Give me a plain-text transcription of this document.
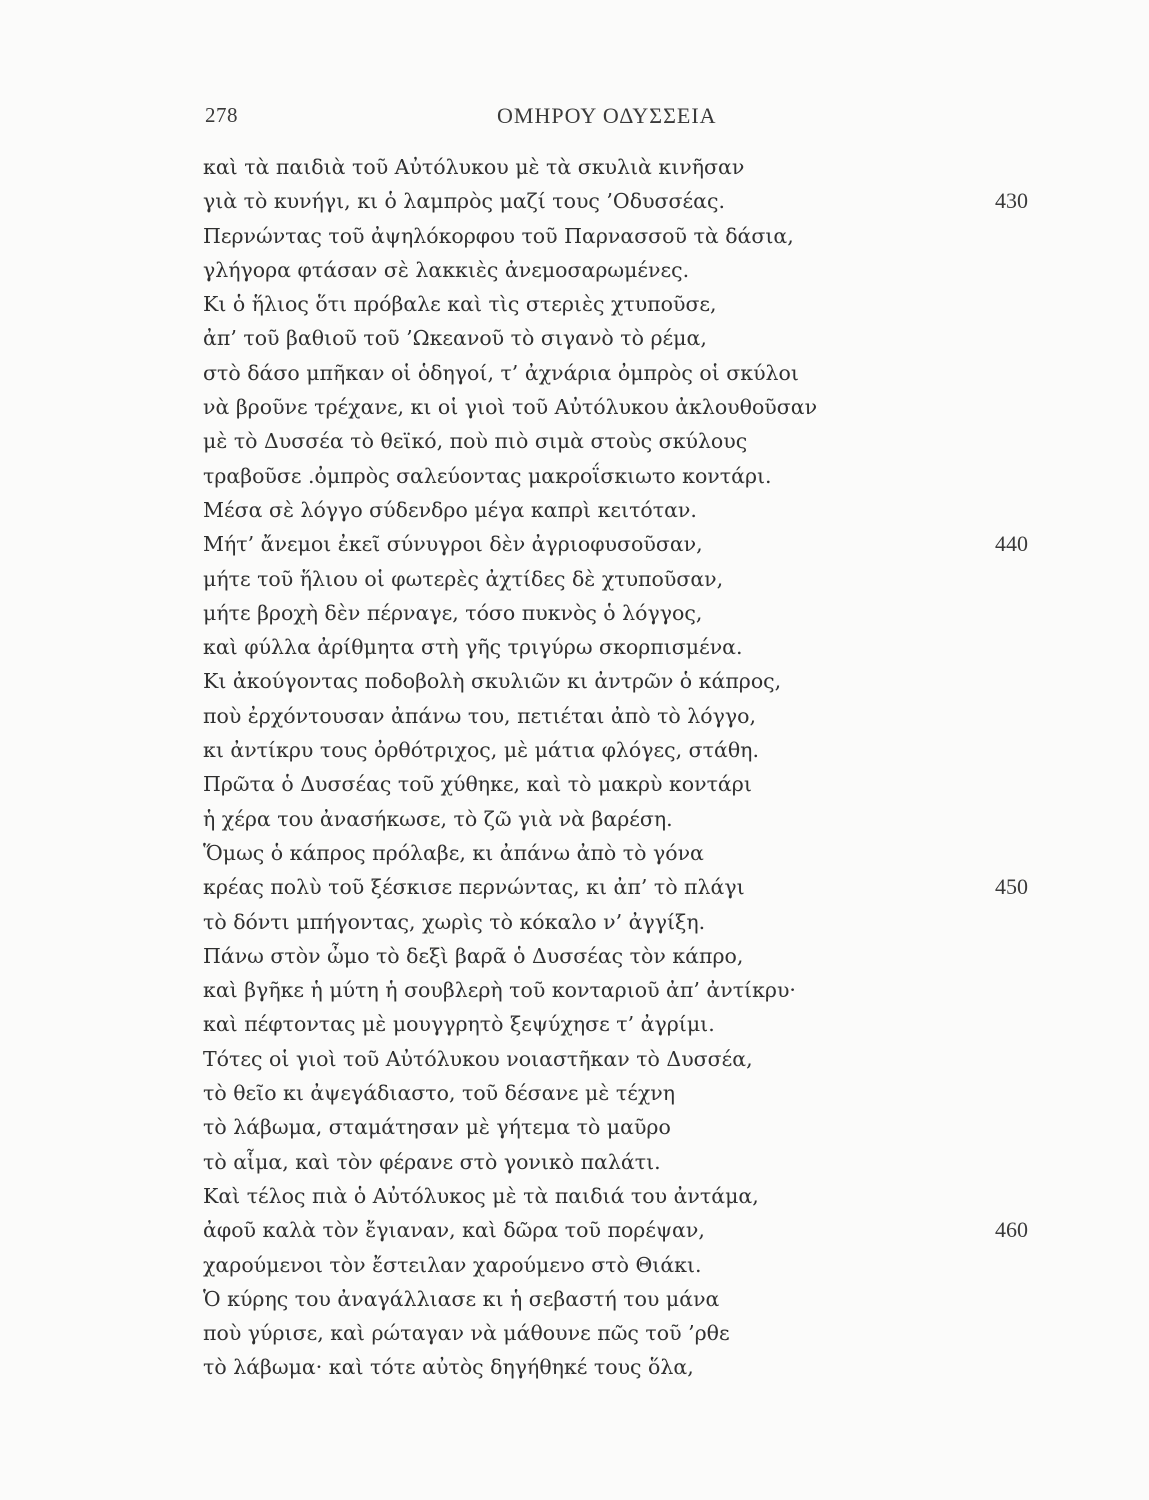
278	ΟΜΗΡΟΥ ΟΔΥΣΣΕΙΑ
καὶ τὰ παιδιὰ τοῦ Αὐτόλυκου μὲ τὰ σκυλιὰ κινῆσαν
γιὰ τὸ κυνήγι, κι ὁ λαμπρὸς μαζί τους ’Οδυσσέας.	430
Περνώντας τοῦ ἀψηλόκορφου τοῦ Παρνασσοῦ τὰ δάσια,
γλήγορα φτάσαν σὲ λακκιὲς ἀνεμοσαρωμένες.
Κι ὁ ἥλιος ὅτι πρόβαλε καὶ τὶς στεριὲς χτυποῦσε,
ἀπ’ τοῦ βαθιοῦ τοῦ ’Ωκεανοῦ τὸ σιγανὸ τὸ ρέμα,
στὸ δάσο μπῆκαν οἱ ὁδηγοί, τ’ ἀχνάρια ὀμπρὸς οἱ σκύλοι
νὰ βροῦνε τρέχανε, κι οἱ γιοὶ τοῦ Αὐτόλυκου ἀκλουθοῦσαν
μὲ τὸ Δυσσέα τὸ θεϊκό, ποὺ πιὸ σιμὰ στοὺς σκύλους
τραβοῦσε .ὀμπρὸς σαλεύοντας μακροΐσκιωτο κοντάρι.
Μέσα σὲ λόγγο σύδενδρο μέγα καπρὶ κειτόταν.
Μήτ’ ἄνεμοι ἐκεῖ σύνυγροι δὲν ἀγριοφυσοῦσαν,	440
μήτε τοῦ ἥλιου οἱ φωτερὲς ἀχτίδες δὲ χτυποῦσαν,
μήτε βροχὴ δὲν πέρναγε, τόσο πυκνὸς ὁ λόγγος,
καὶ φύλλα ἀρίθμητα στὴ γῆς τριγύρω σκορπισμένα.
Κι ἀκούγοντας ποδοβολὴ σκυλιῶν κι ἀντρῶν ὁ κάπρος,
ποὺ ἐρχόντουσαν ἀπάνω του, πετιέται ἀπὸ τὸ λόγγο,
κι ἀντίκρυ τους ὀρθότριχος, μὲ μάτια φλόγες, στάθη.
Πρῶτα ὁ Δυσσέας τοῦ χύθηκε, καὶ τὸ μακρὺ κοντάρι
ἡ χέρα του ἀνασήκωσε, τὸ ζῶ γιὰ νὰ βαρέση.
Ὅμως ὁ κάπρος πρόλαβε, κι ἀπάνω ἀπὸ τὸ γόνα
κρέας πολὺ τοῦ ξέσκισε περνώντας, κι ἀπ’ τὸ πλάγι	450
τὸ δόντι μπήγοντας, χωρὶς τὸ κόκαλο ν’ ἀγγίξη.
Πάνω στὸν ὦμο τὸ δεξὶ βαρᾶ ὁ Δυσσέας τὸν κάπρο,
καὶ βγῆκε ἡ μύτη ἡ σουβλερὴ τοῦ κονταριοῦ ἀπ’ ἀντίκρυ·
καὶ πέφτοντας μὲ μουγγρητὸ ξεψύχησε τ’ ἀγρίμι.
Τότες οἱ γιοὶ τοῦ Αὐτόλυκου νοιαστῆκαν τὸ Δυσσέα,
τὸ θεῖο κι ἀψεγάδιαστο, τοῦ δέσανε μὲ τέχνη
τὸ λάβωμα, σταμάτησαν μὲ γήτεμα τὸ μαῦρο
τὸ αἷμα, καὶ τὸν φέρανε στὸ γονικὸ παλάτι.
Καὶ τέλος πιὰ ὁ Αὐτόλυκος μὲ τὰ παιδιά του ἀντάμα,
ἀφοῦ καλὰ τὸν ἔγιαναν, καὶ δῶρα τοῦ πορέψαν,	460
χαρούμενοι τὸν ἔστειλαν χαρούμενο στὸ Θιάκι.
Ὁ κύρης του ἀναγάλλιασε κι ἡ σεβαστή του μάνα
ποὺ γύρισε, καὶ ρώταγαν νὰ μάθουνε πῶς τοῦ ’ρθε
τὸ λάβωμα· καὶ τότε αὐτὸς δηγήθηκέ τους ὅλα,
